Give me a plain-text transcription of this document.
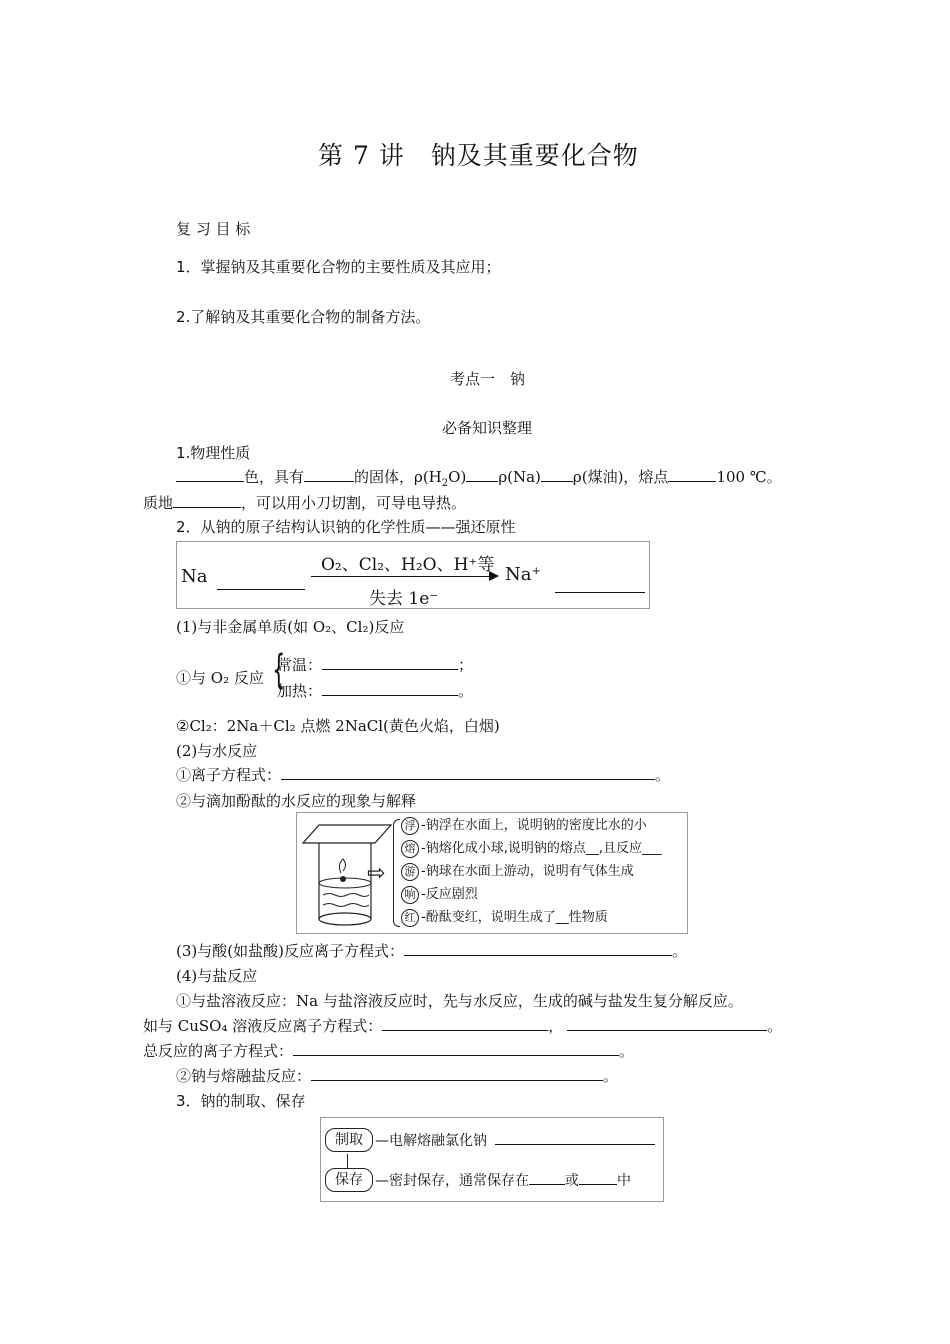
第 7 讲　钠及其重要化合物
复 习 目 标
1．掌握钠及其重要化合物的主要性质及其应用；
2.了解钠及其重要化合物的制备方法。
考点一　钠
必备知识整理
1.物理性质
色，具有	的固体，$\rho(H_2O)$ ρ(Na) ρ(煤油)，熔点	100 ℃。
质地	，可以用小刀切割，可导电导热。
2．从钠的原子结构认识钠的化学性质——强还原性
Na
O₂、Cl₂、H₂O、H⁺等
失去 1e⁻
Na⁺
(1)与非金属单质(如 O₂、Cl₂)反应
①与 O₂ 反应 {
常温：	；
加热：	。
②Cl₂：2Na＋Cl₂ 点燃 2NaCl(黄色火焰，白烟)
(2)与水反应
①离子方程式：	。
②与滴加酚酞的水反应的现象与解释
⇨
浮 -钠浮在水面上，说明钠的密度比水的小
熔 -钠熔化成小球,说明钠的熔点__,且反应___
游 -钠球在水面上游动，说明有气体生成
响 -反应剧烈
红 -酚酞变红，说明生成了__性物质
(3)与酸(如盐酸)反应离子方程式：	。
(4)与盐反应
①与盐溶液反应：Na 与盐溶液反应时，先与水反应，生成的碱与盐发生复分解反应。
如与 CuSO₄ 溶液反应离子方程式：	，	。
总反应的离子方程式：	。
②钠与熔融盐反应：	。
3．钠的制取、保存
制取
保存
—电解熔融氯化钠
—密封保存，通常保存在	或	中
